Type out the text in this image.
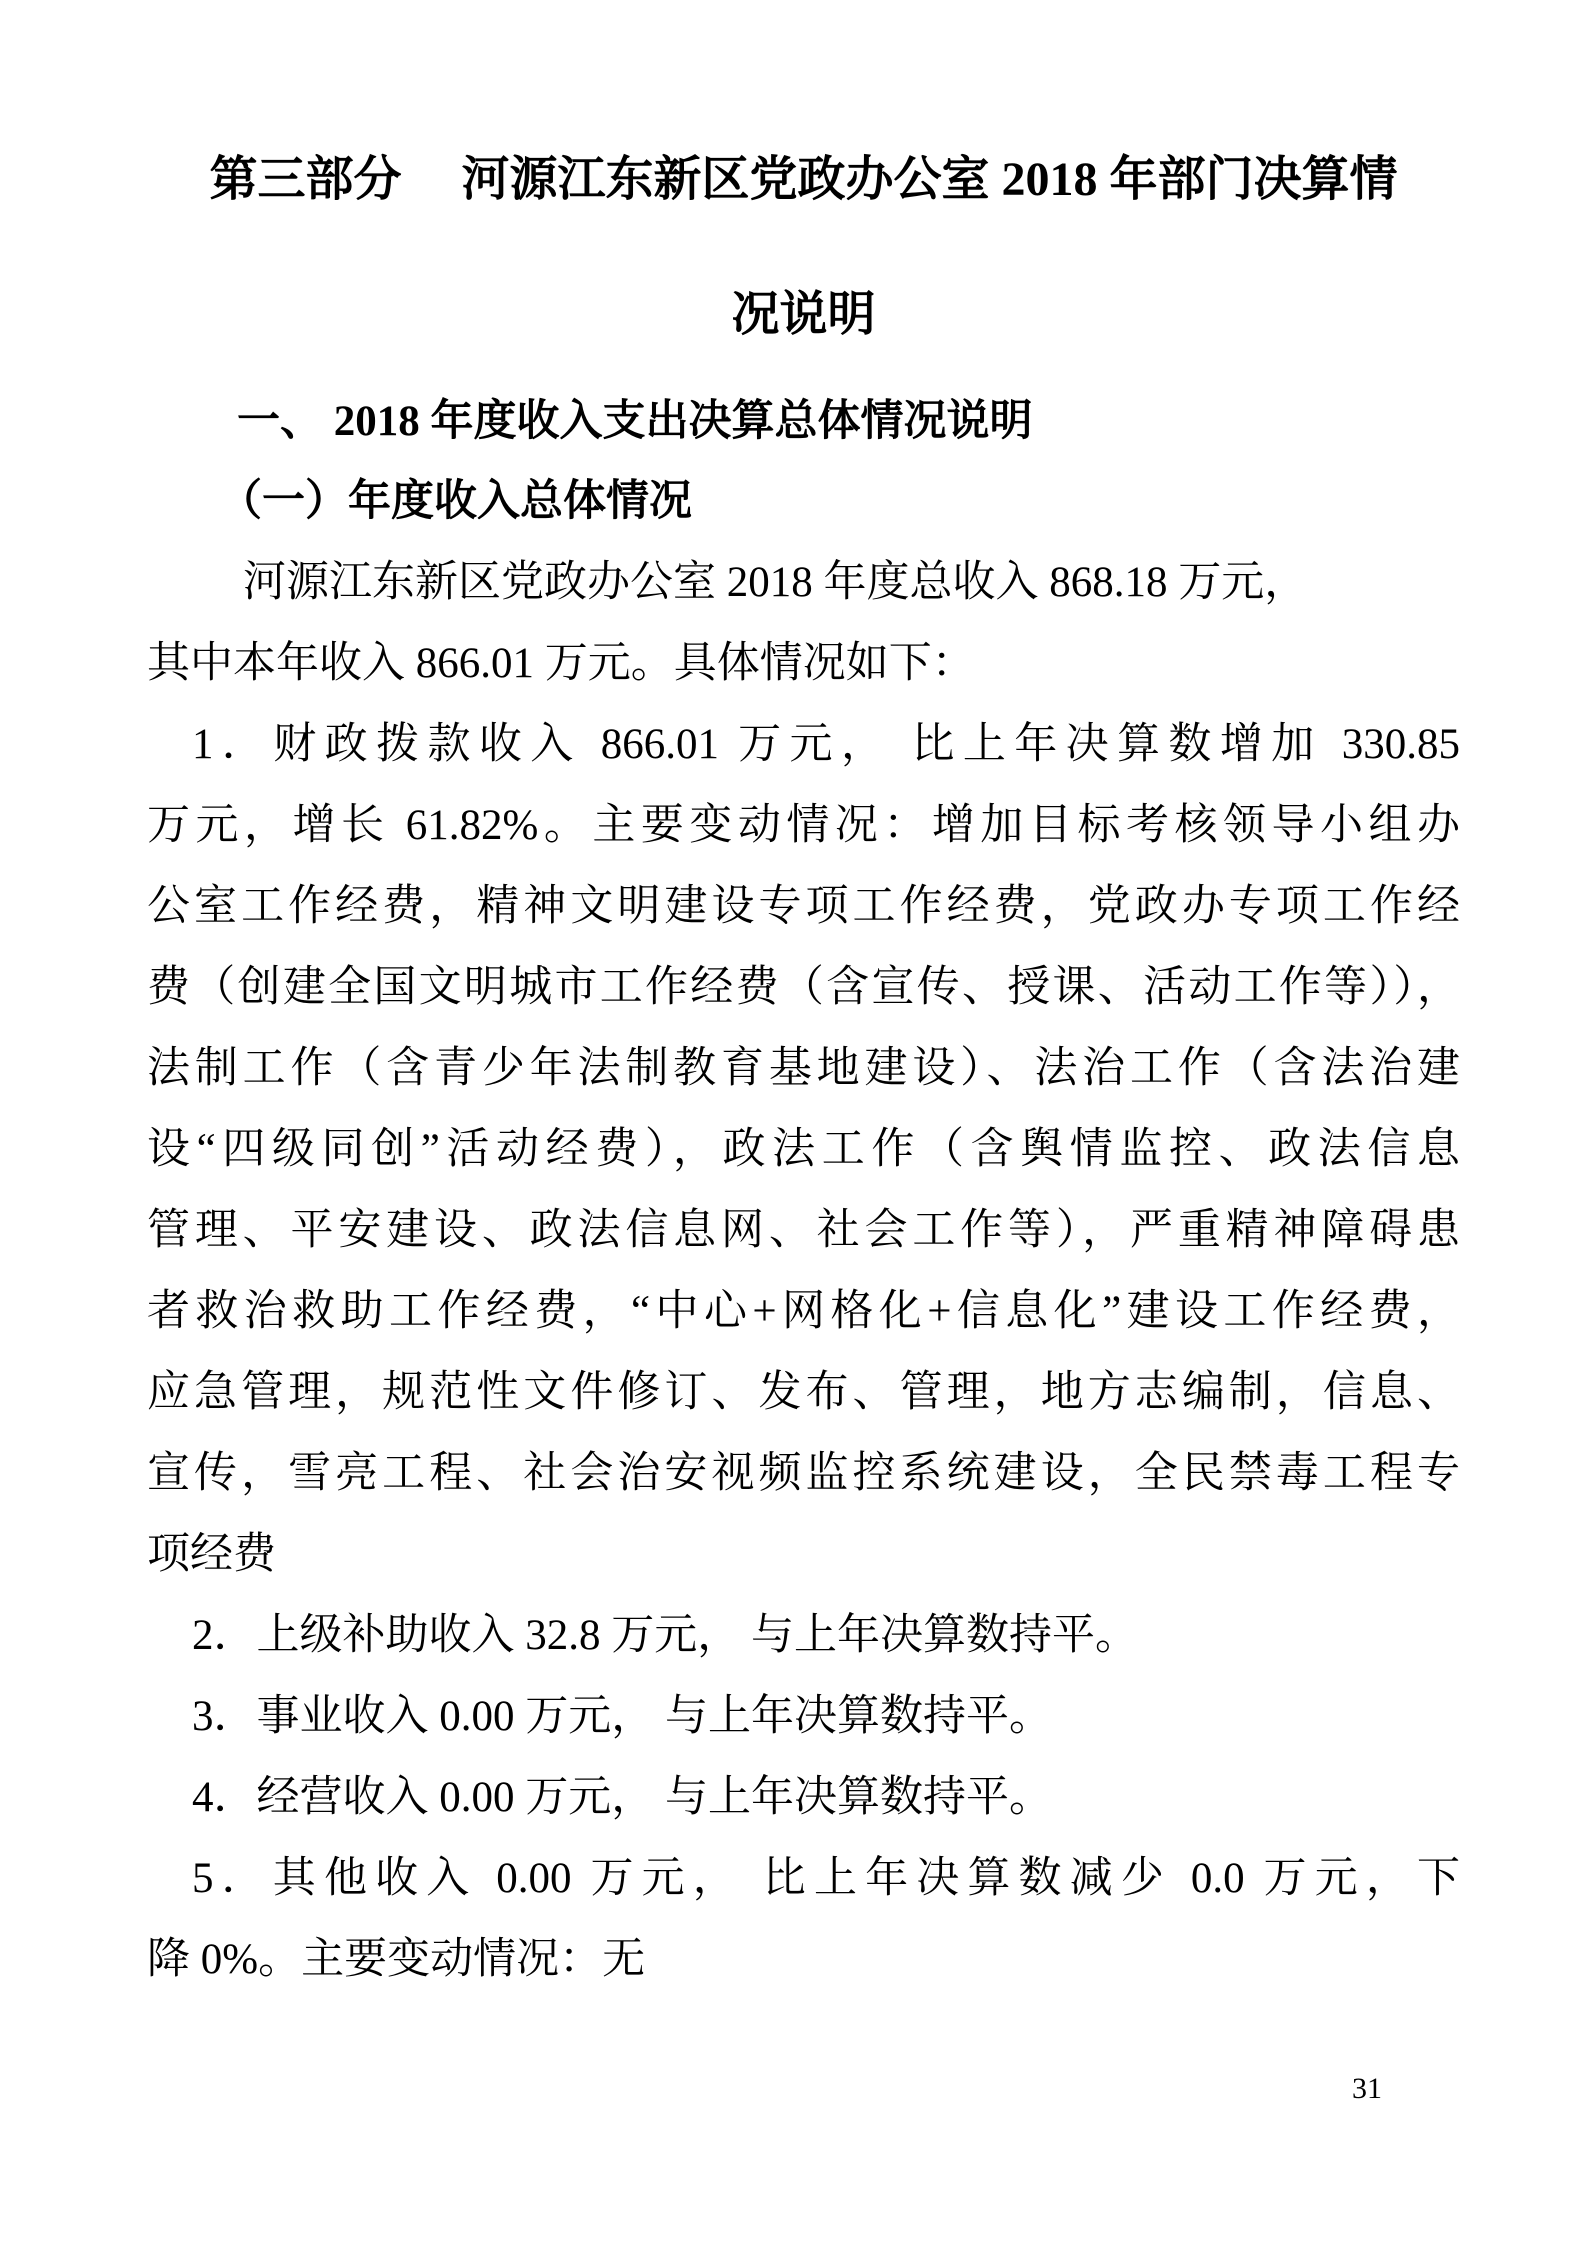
第三部分　 河源江东新区党政办公室 2018 年部门决算情
况说明
一、 2018 年度收入支出决算总体情况说明
（一）年度收入总体情况
河源江东新区党政办公室 2018 年度总收入 868.18 万元，
其中本年收入 866.01 万元。具体情况如下：
1．财政拨款收入 866.01 万元， 比上年决算数增加 330.85
万元，增长 61.82%。主要变动情况：增加目标考核领导小组办
公室工作经费，精神文明建设专项工作经费，党政办专项工作经
费（创建全国文明城市工作经费（含宣传、授课、活动工作等）），
法制工作（含青少年法制教育基地建设）、法治工作（含法治建
设“四级同创”活动经费），政法工作（含舆情监控、政法信息
管理、平安建设、政法信息网、社会工作等），严重精神障碍患
者救治救助工作经费，“中心+网格化+信息化”建设工作经费，
应急管理，规范性文件修订、发布、管理，地方志编制，信息、
宣传，雪亮工程、社会治安视频监控系统建设，全民禁毒工程专
项经费
2．上级补助收入 32.8 万元， 与上年决算数持平。
3．事业收入 0.00 万元， 与上年决算数持平。
4．经营收入 0.00 万元， 与上年决算数持平。
5．其他收入 0.00 万元， 比上年决算数减少 0.0 万元，下
降 0%。主要变动情况：无
31
